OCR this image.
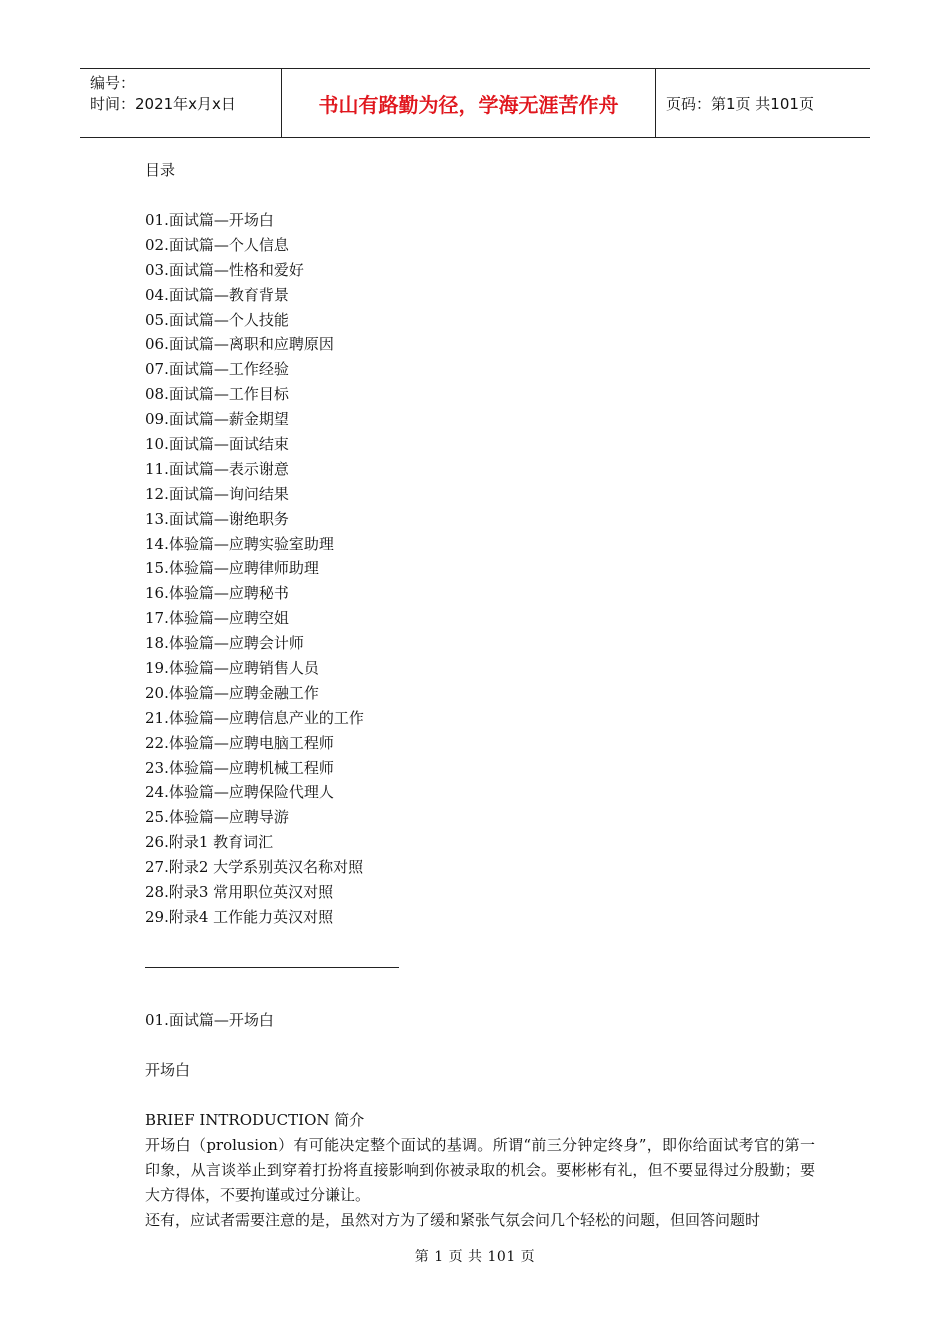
编号：
时间：2021年x月x日	书山有路勤为径，学海无涯苦作舟	页码：第1页 共101页
目录
01.面试篇—开场白
02.面试篇—个人信息
03.面试篇—性格和爱好
04.面试篇—教育背景
05.面试篇—个人技能
06.面试篇—离职和应聘原因
07.面试篇—工作经验
08.面试篇—工作目标
09.面试篇—薪金期望
10.面试篇—面试结束
11.面试篇—表示谢意
12.面试篇—询问结果
13.面试篇—谢绝职务
14.体验篇—应聘实验室助理
15.体验篇—应聘律师助理
16.体验篇—应聘秘书
17.体验篇—应聘空姐
18.体验篇—应聘会计师
19.体验篇—应聘销售人员
20.体验篇—应聘金融工作
21.体验篇—应聘信息产业的工作
22.体验篇—应聘电脑工程师
23.体验篇—应聘机械工程师
24.体验篇—应聘保险代理人
25.体验篇—应聘导游
26.附录1 教育词汇
27.附录2 大学系别英汉名称对照
28.附录3 常用职位英汉对照
29.附录4 工作能力英汉对照
01.面试篇—开场白
开场白
BRIEF INTRODUCTION 简介

开场白（prolusion）有可能决定整个面试的基调。所谓“前三分钟定终身”，即你给面试考官的第一印象，从言谈举止到穿着打扮将直接影响到你被录取的机会。要彬彬有礼，但不要显得过分殷勤；要大方得体，不要拘谨或过分谦让。

还有，应试者需要注意的是，虽然对方为了缓和紧张气氛会问几个轻松的问题，但回答问题时

第 1 页 共 101 页
